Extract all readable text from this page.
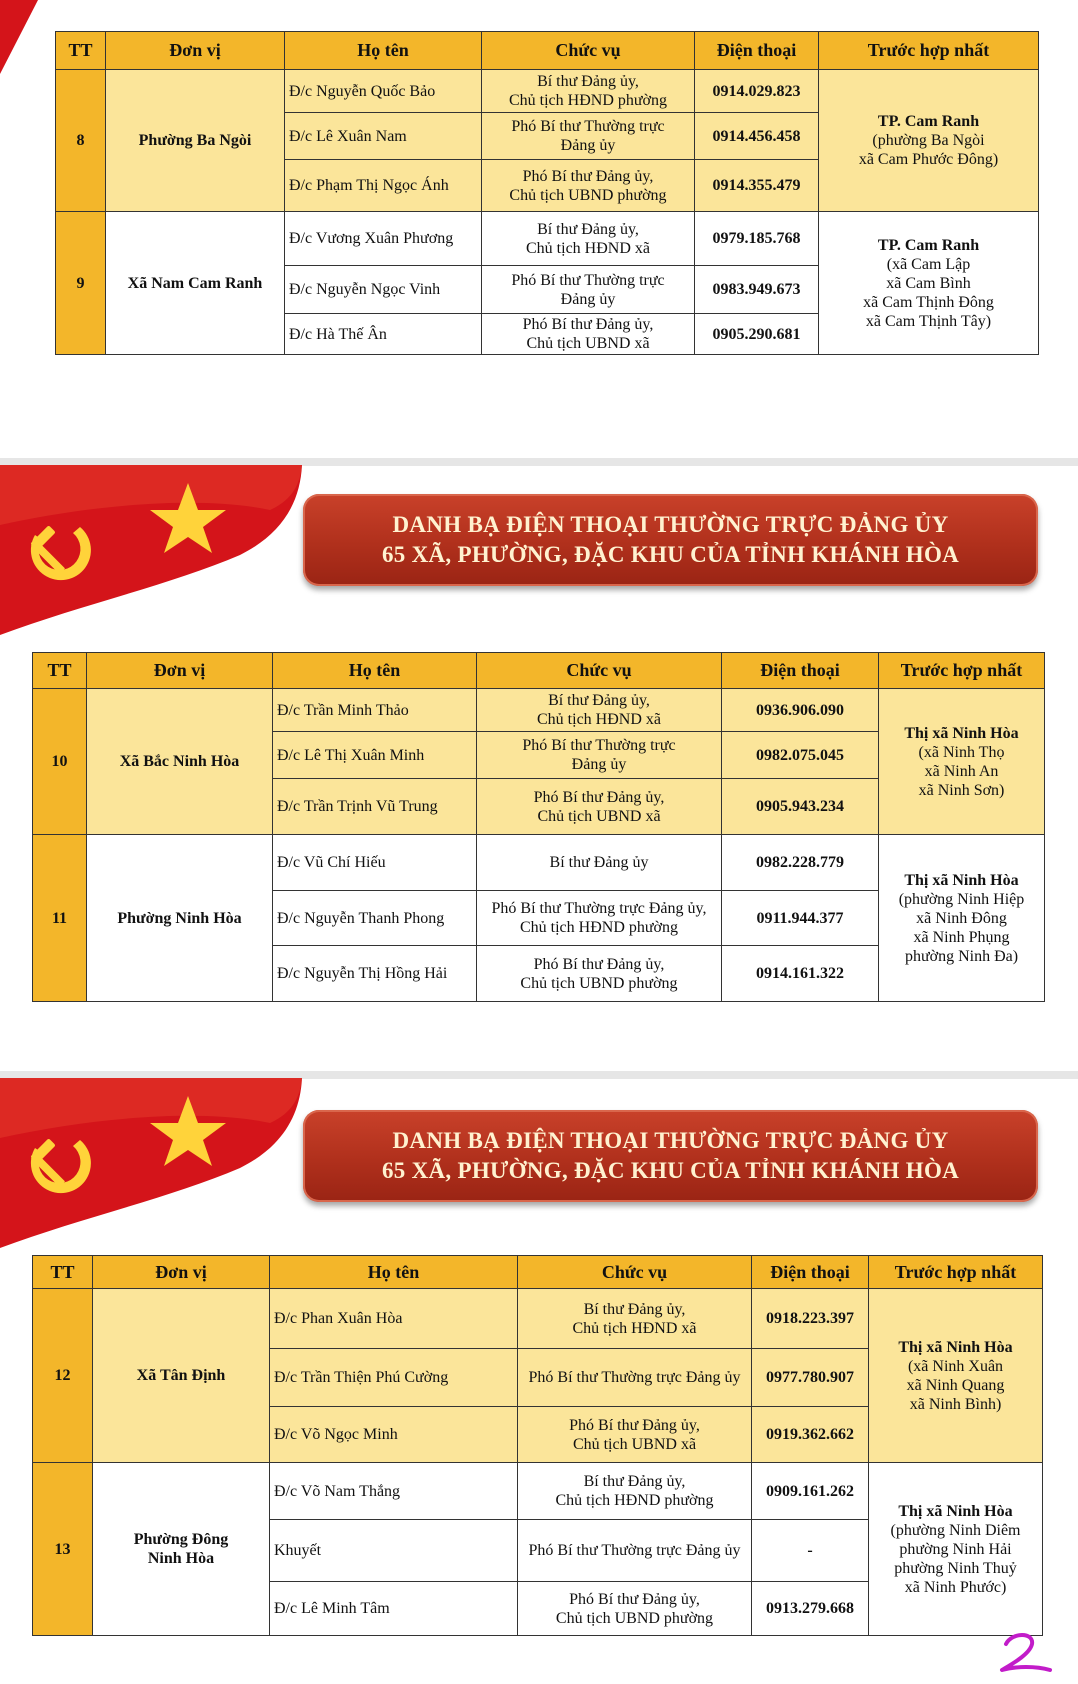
TT	Đơn vị	Họ tên	Chức vụ	Điện thoại	Trước hợp nhất
8	Phường Ba Ngòi	Đ/c Nguyễn Quốc Bảo	Bí thư Đảng ủy,
Chủ tịch HĐND phường	0914.029.823	TP. Cam Ranh
(phường Ba Ngòi
xã Cam Phước Đông)

		Đ/c Lê Xuân Nam	Phó Bí thư Thường trực
Đảng ủy	0914.456.458	
		Đ/c Phạm Thị Ngọc Ánh	Phó Bí thư Đảng ủy,
Chủ tịch UBND phường	0914.355.479	
9	Xã Nam Cam Ranh	Đ/c Vương Xuân Phương	Bí thư Đảng ủy,
Chủ tịch HĐND xã	0979.185.768	TP. Cam Ranh
(xã Cam Lập
xã Cam Bình
xã Cam Thịnh Đông
xã Cam Thịnh Tây)

		Đ/c Nguyễn Ngọc Vinh	Phó Bí thư Thường trực
Đảng ủy	0983.949.673	
		Đ/c Hà Thế Ân	Phó Bí thư Đảng ủy,
Chủ tịch UBND xã	0905.290.681	
DANH BẠ ĐIỆN THOẠI THƯỜNG TRỰC ĐẢNG ỦY
65 XÃ, PHƯỜNG, ĐẶC KHU CỦA TỈNH KHÁNH HÒA
TT	Đơn vị	Họ tên	Chức vụ	Điện thoại	Trước hợp nhất
10	Xã Bắc Ninh Hòa	Đ/c Trần Minh Thảo	Bí thư Đảng ủy,
Chủ tịch HĐND xã	0936.906.090	Thị xã Ninh Hòa
(xã Ninh Thọ
xã Ninh An
xã Ninh Sơn)

		Đ/c Lê Thị Xuân Minh	Phó Bí thư Thường trực
Đảng ủy	0982.075.045	
		Đ/c Trần Trịnh Vũ Trung	Phó Bí thư Đảng ủy,
Chủ tịch UBND xã	0905.943.234	
11	Phường Ninh Hòa	Đ/c Vũ Chí Hiếu	Bí thư Đảng ủy	0982.228.779	Thị xã Ninh Hòa
(phường Ninh Hiệp
xã Ninh Đông
xã Ninh Phụng
phường Ninh Đa)

		Đ/c Nguyễn Thanh Phong	Phó Bí thư Thường trực Đảng ủy,
Chủ tịch HĐND phường	0911.944.377	
		Đ/c Nguyễn Thị Hồng Hải	Phó Bí thư Đảng ủy,
Chủ tịch UBND phường	0914.161.322	
DANH BẠ ĐIỆN THOẠI THƯỜNG TRỰC ĐẢNG ỦY
65 XÃ, PHƯỜNG, ĐẶC KHU CỦA TỈNH KHÁNH HÒA
TT	Đơn vị	Họ tên	Chức vụ	Điện thoại	Trước hợp nhất
12	Xã Tân Định	Đ/c Phan Xuân Hòa	Bí thư Đảng ủy,
Chủ tịch HĐND xã	0918.223.397	Thị xã Ninh Hòa
(xã Ninh Xuân
xã Ninh Quang
xã Ninh Bình)

		Đ/c Trần Thiện Phú Cường	Phó Bí thư Thường trực Đảng ủy	0977.780.907	
		Đ/c Võ Ngọc Minh	Phó Bí thư Đảng ủy,
Chủ tịch UBND xã	0919.362.662	
13	Phường Đông
Ninh Hòa	Đ/c Võ Nam Thắng	Bí thư Đảng ủy,
Chủ tịch HĐND phường	0909.161.262	Thị xã Ninh Hòa
(phường Ninh Diêm
phường Ninh Hải
phường Ninh Thuỷ
xã Ninh Phước)

		Khuyết	Phó Bí thư Thường trực Đảng ủy	-	
		Đ/c Lê Minh Tâm	Phó Bí thư Đảng ủy,
Chủ tịch UBND phường	0913.279.668	
